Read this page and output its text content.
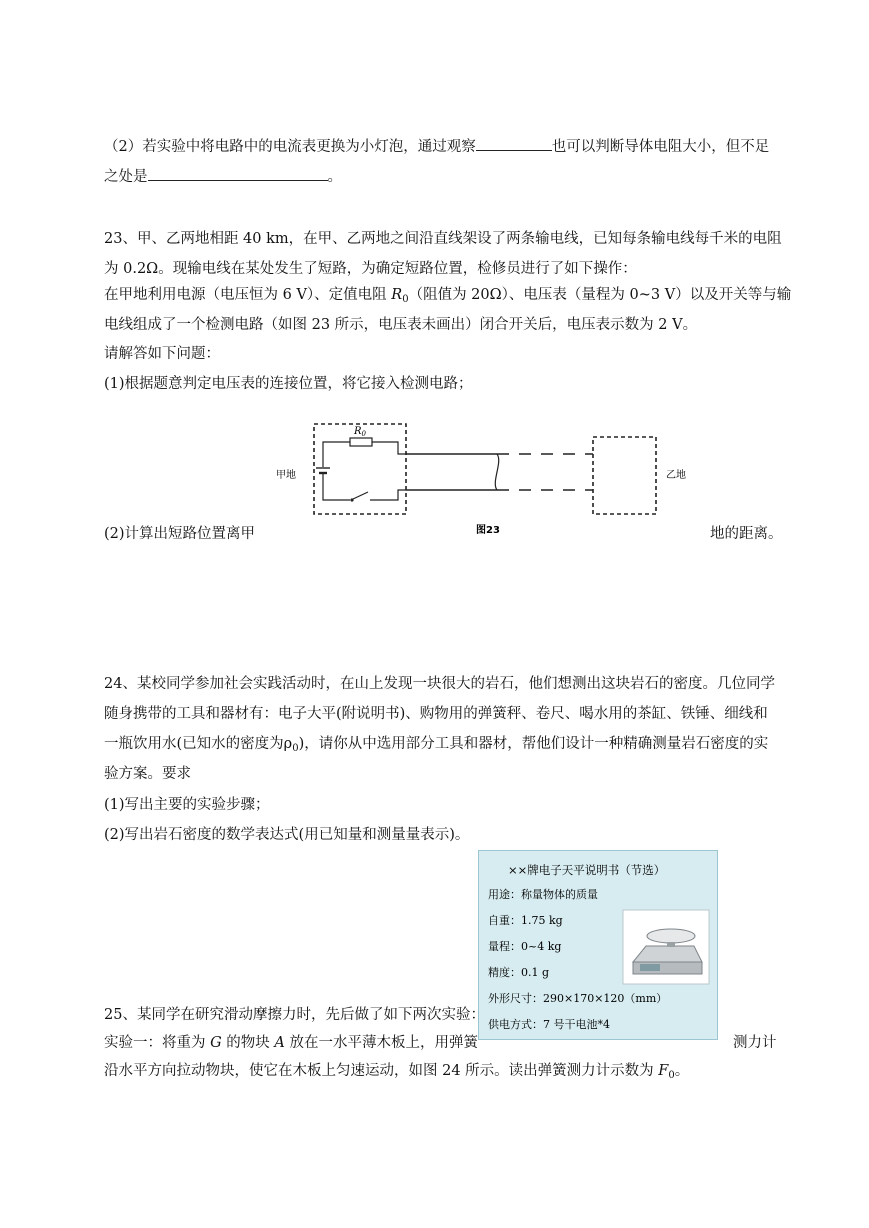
（2）若实验中将电路中的电流表更换为小灯泡，通过观察	也可以判断导体电阻大小，但不足
之处是	。
23、甲、乙两地相距 40 km，在甲、乙两地之间沿直线架设了两条输电线，已知每条输电线每千米的电阻
为 0.2Ω。现输电线在某处发生了短路，为确定短路位置，检修员进行了如下操作：
在甲地利用电源（电压恒为 6 V）、定值电阻 $R_0$（阻值为 20Ω）、电压表（量程为 0~3 V）以及开关等与输
电线组成了一个检测电路（如图 23 所示，电压表未画出）闭合开关后，电压表示数为 2 V。
请解答如下问题：
(1)根据题意判定电压表的连接位置，将它接入检测电路；
甲地	乙地
$R_0$
图23
(2)计算出短路位置离甲	地的距离。
24、某校同学参加社会实践活动时，在山上发现一块很大的岩石，他们想测出这块岩石的密度。几位同学
随身携带的工具和器材有：电子大平(附说明书)、购物用的弹簧秤、卷尺、喝水用的茶缸、铁锤、细线和
一瓶饮用水(已知水的密度为$\rho_0$)，请你从中选用部分工具和器材，帮他们设计一种精确测量岩石密度的实
验方案。要求
(1)写出主要的实验步骤；
(2)写出岩石密度的数学表达式(用已知量和测量量表示)。
××牌电子天平说明书（节选）
用途：称量物体的质量
自重：1.75 kg
量程：0~4 kg
精度：0.1 g
外形尺寸：290×170×120（mm）
供电方式：7 号干电池*4
25、某同学在研究滑动摩擦力时，先后做了如下两次实验：
实验一：将重为 G 的物块 A 放在一水平薄木板上，用弹簧	测力计
沿水平方向拉动物块，使它在木板上匀速运动，如图 24 所示。读出弹簧测力计示数为 $F_0$。
